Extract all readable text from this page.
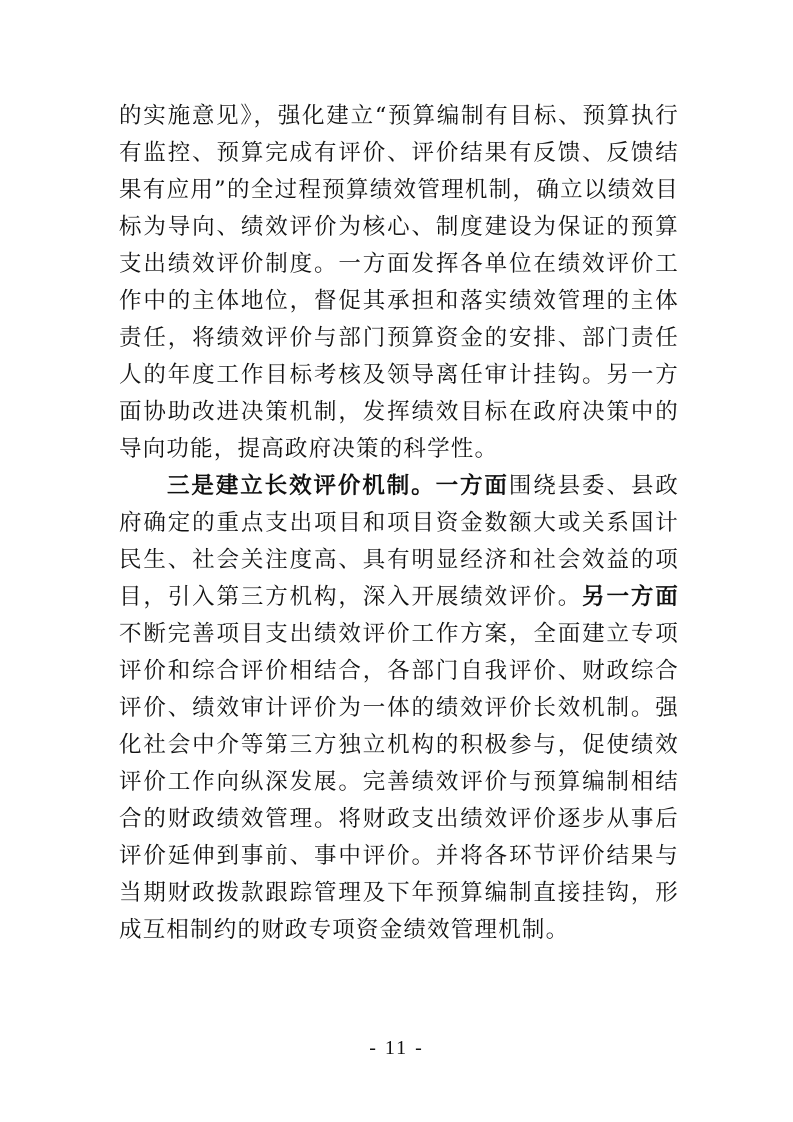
的实施意见》，强化建立“预算编制有目标、预算执行有监控、预算完成有评价、评价结果有反馈、反馈结果有应用”的全过程预算绩效管理机制，确立以绩效目标为导向、绩效评价为核心、制度建设为保证的预算支出绩效评价制度。一方面发挥各单位在绩效评价工作中的主体地位，督促其承担和落实绩效管理的主体责任，将绩效评价与部门预算资金的安排、部门责任人的年度工作目标考核及领导离任审计挂钩。另一方面协助改进决策机制，发挥绩效目标在政府决策中的导向功能，提高政府决策的科学性。

三是建立长效评价机制。一方面围绕县委、县政府确定的重点支出项目和项目资金数额大或关系国计民生、社会关注度高、具有明显经济和社会效益的项目，引入第三方机构，深入开展绩效评价。另一方面不断完善项目支出绩效评价工作方案，全面建立专项评价和综合评价相结合，各部门自我评价、财政综合评价、绩效审计评价为一体的绩效评价长效机制。强化社会中介等第三方独立机构的积极参与，促使绩效评价工作向纵深发展。完善绩效评价与预算编制相结合的财政绩效管理。将财政支出绩效评价逐步从事后评价延伸到事前、事中评价。并将各环节评价结果与当期财政拨款跟踪管理及下年预算编制直接挂钩，形成互相制约的财政专项资金绩效管理机制。

- 11 -
